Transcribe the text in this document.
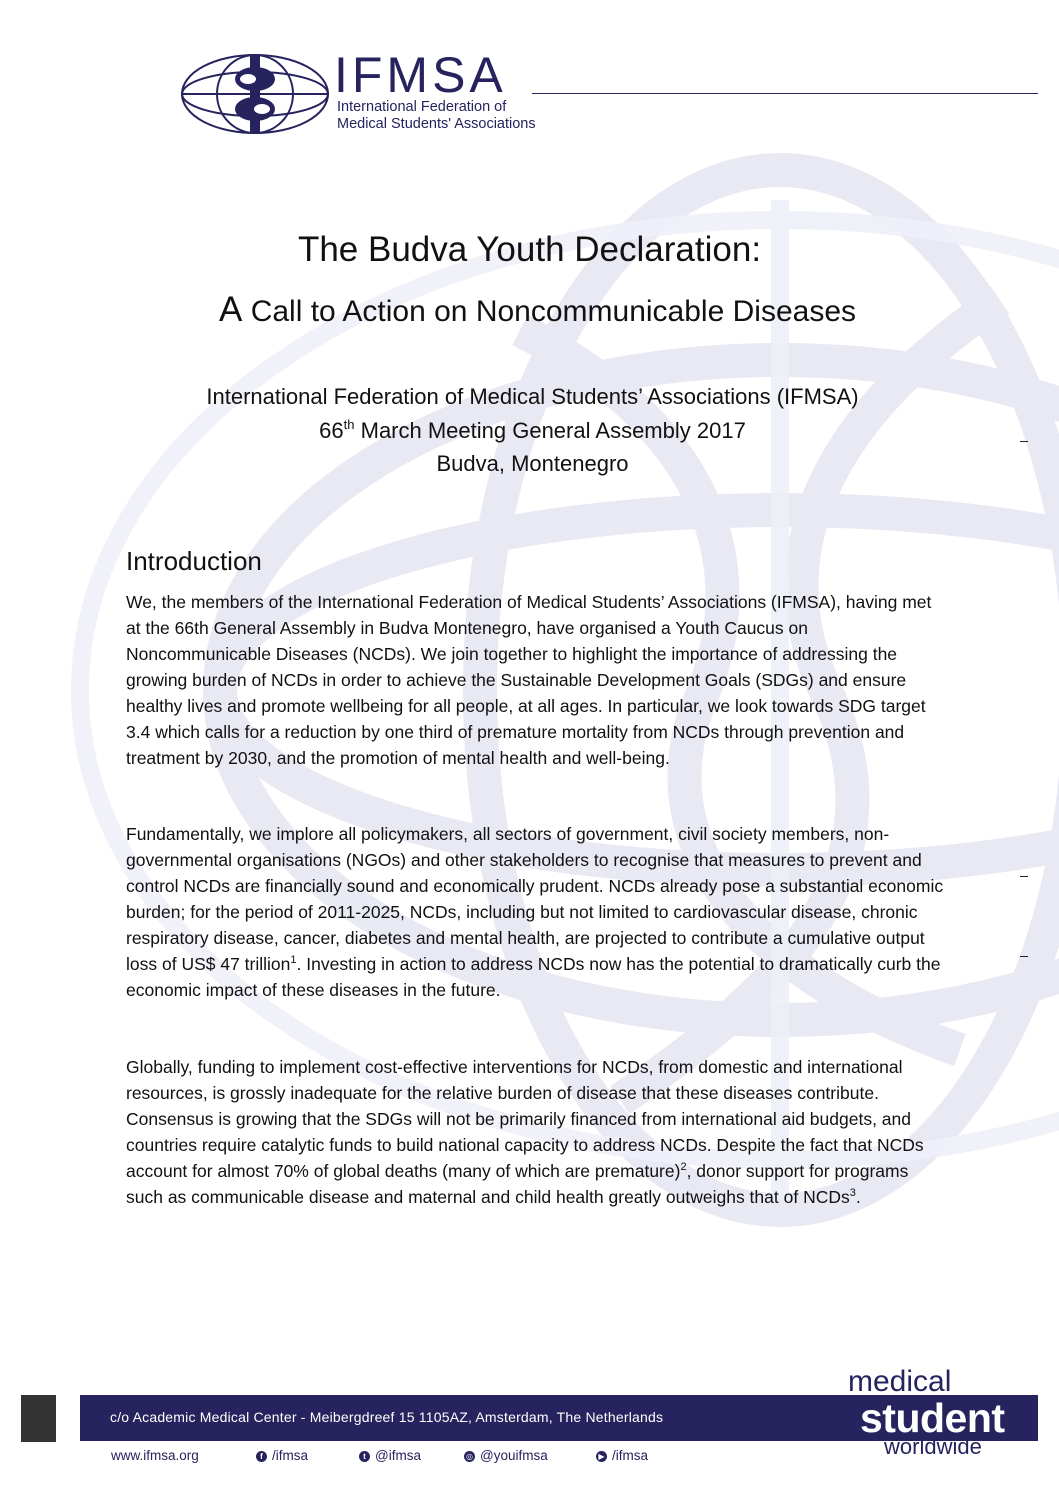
IFMSA
International Federation of
Medical Students' Associations
The Budva Youth Declaration:
A Call to Action on Noncommunicable Diseases
International Federation of Medical Students’ Associations (IFMSA)
66th March Meeting General Assembly 2017
Budva, Montenegro
Introduction

We, the members of the International Federation of Medical Students’ Associations (IFMSA), having met at the 66th General Assembly in Budva Montenegro, have organised a Youth Caucus on Noncommunicable Diseases (NCDs). We join together to highlight the importance of addressing the growing burden of NCDs in order to achieve the Sustainable Development Goals (SDGs) and ensure healthy lives and promote wellbeing for all people, at all ages. In particular, we look towards SDG target 3.4 which calls for a reduction by one third of premature mortality from NCDs through prevention and treatment by 2030, and the promotion of mental health and well-being.

Fundamentally, we implore all policymakers, all sectors of government, civil society members, non-governmental organisations (NGOs) and other stakeholders to recognise that measures to prevent and control NCDs are financially sound and economically prudent. NCDs already pose a substantial economic burden; for the period of 2011-2025, NCDs, including but not limited to cardiovascular disease, chronic respiratory disease, cancer, diabetes and mental health, are projected to contribute a cumulative output loss of US$ 47 trillion$^1$. Investing in action to address NCDs now has the potential to dramatically curb the economic impact of these diseases in the future.

Globally, funding to implement cost-effective interventions for NCDs, from domestic and international resources, is grossly inadequate for the relative burden of disease that these diseases contribute. Consensus is growing that the SDGs will not be primarily financed from international aid budgets, and countries require catalytic funds to build national capacity to address NCDs. Despite the fact that NCDs account for almost 70% of global deaths (many of which are premature)$^2$, donor support for programs such as communicable disease and maternal and child health greatly outweighs that of NCDs$^3$.

c/o Academic Medical Center - Meibergdreef 15 1105AZ, Amsterdam, The Netherlands
medical
student
worldwide
www.ifmsa.org	f /ifmsa	t @ifmsa	◎ @youifmsa	▶ /ifmsa
